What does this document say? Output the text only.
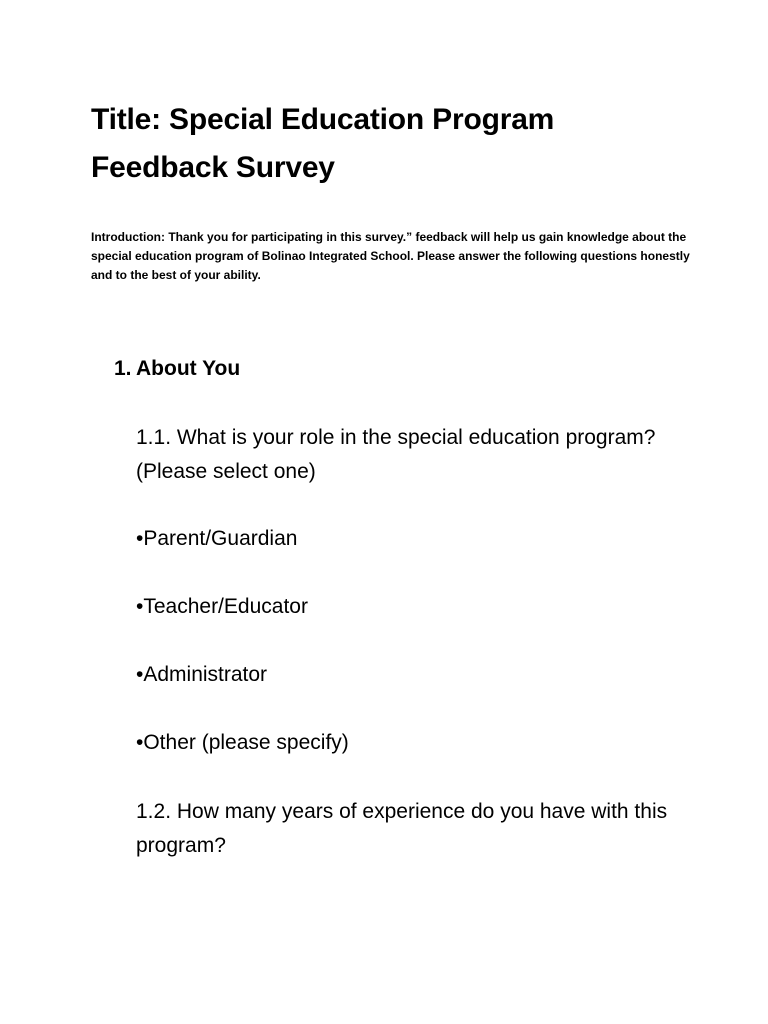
Title: Special Education Program
Feedback Survey

Introduction: Thank you for participating in this survey.” feedback will help us gain knowledge about the special education program of Bolinao Integrated School. Please answer the following questions honestly and to the best of your ability.

1. About You

1.1. What is your role in the special education program? (Please select one)

•Parent/Guardian

•Teacher/Educator

•Administrator

•Other (please specify)

1.2. How many years of experience do you have with this program?
